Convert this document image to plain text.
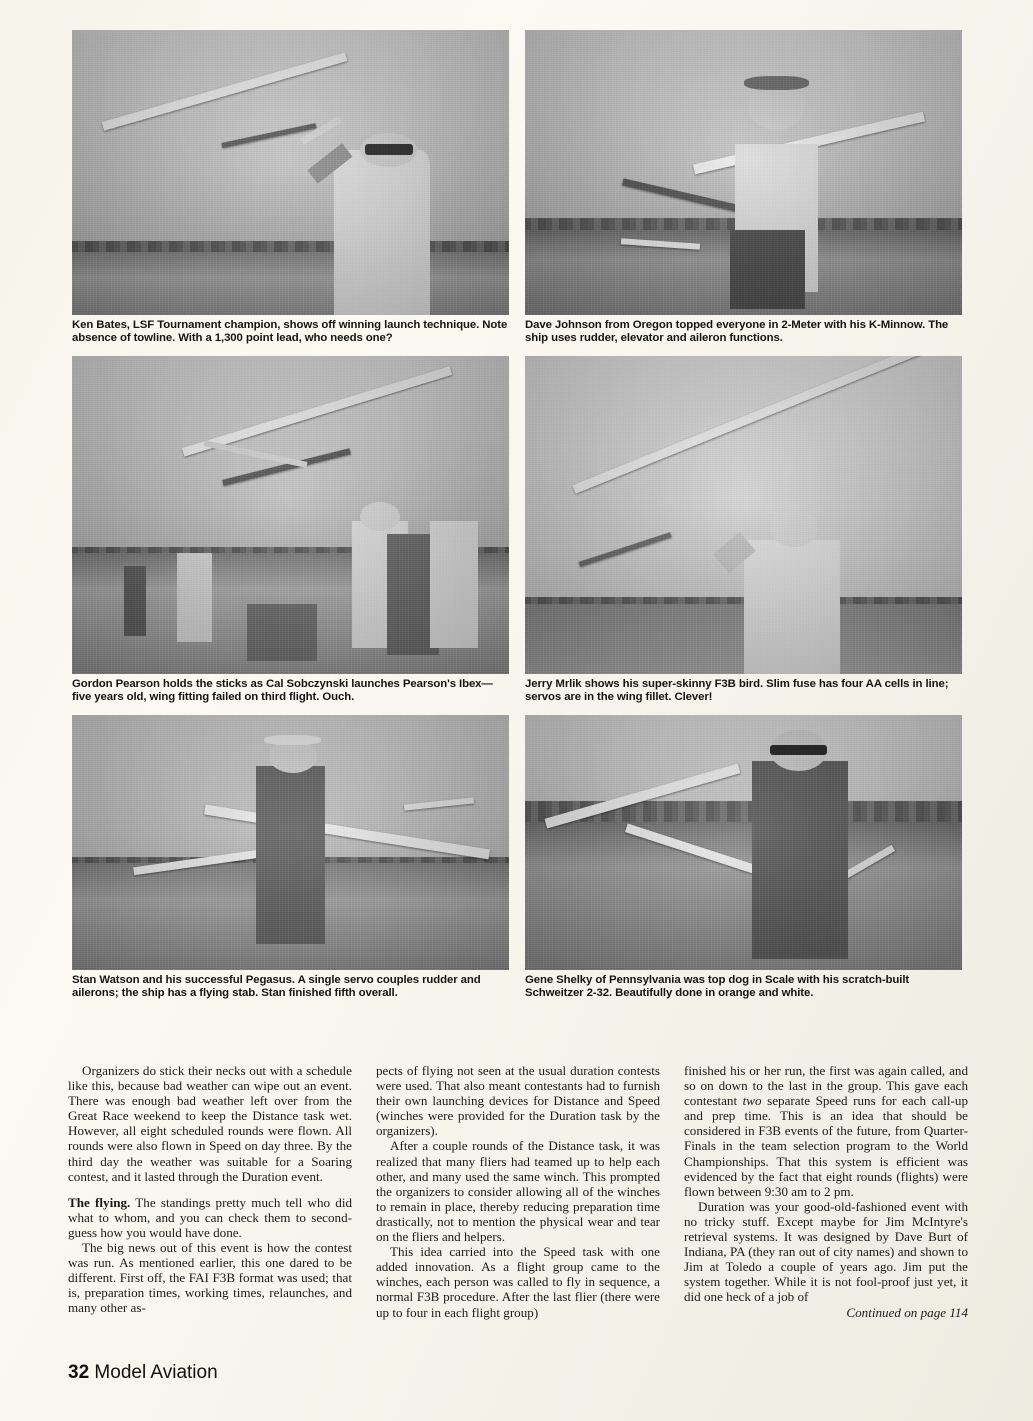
Ken Bates, LSF Tournament champion, shows off winning launch technique. Note absence of towline. With a 1,300 point lead, who needs one?
Dave Johnson from Oregon topped everyone in 2-Meter with his K-Minnow. The ship uses rudder, elevator and aileron functions.
Gordon Pearson holds the sticks as Cal Sobczynski launches Pearson's Ibex—five years old, wing fitting failed on third flight. Ouch.
Jerry Mrlik shows his super-skinny F3B bird. Slim fuse has four AA cells in line; servos are in the wing fillet. Clever!
Stan Watson and his successful Pegasus. A single servo couples rudder and ailerons; the ship has a flying stab. Stan finished fifth overall.
Gene Shelky of Pennsylvania was top dog in Scale with his scratch-built Schweitzer 2-32. Beautifully done in orange and white.

Organizers do stick their necks out with a schedule like this, because bad weather can wipe out an event. There was enough bad weather left over from the Great Race weekend to keep the Distance task wet. However, all eight scheduled rounds were flown. All rounds were also flown in Speed on day three. By the third day the weather was suitable for a Soaring contest, and it lasted through the Duration event.

The flying. The standings pretty much tell who did what to whom, and you can check them to second-guess how you would have done.

The big news out of this event is how the contest was run. As mentioned earlier, this one dared to be different. First off, the FAI F3B format was used; that is, preparation times, working times, relaunches, and many other as-

pects of flying not seen at the usual duration contests were used. That also meant contestants had to furnish their own launching devices for Distance and Speed (winches were provided for the Duration task by the organizers).

After a couple rounds of the Distance task, it was realized that many fliers had teamed up to help each other, and many used the same winch. This prompted the organizers to consider allowing all of the winches to remain in place, thereby reducing preparation time drastically, not to mention the physical wear and tear on the fliers and helpers.

This idea carried into the Speed task with one added innovation. As a flight group came to the winches, each person was called to fly in sequence, a normal F3B procedure. After the last flier (there were up to four in each flight group)

finished his or her run, the first was again called, and so on down to the last in the group. This gave each contestant two separate Speed runs for each call-up and prep time. This is an idea that should be considered in F3B events of the future, from Quarter-Finals in the team selection program to the World Championships. That this system is efficient was evidenced by the fact that eight rounds (flights) were flown between 9:30 am to 2 pm.

Duration was your good-old-fashioned event with no tricky stuff. Except maybe for Jim McIntyre's retrieval systems. It was designed by Dave Burt of Indiana, PA (they ran out of city names) and shown to Jim at Toledo a couple of years ago. Jim put the system together. While it is not fool-proof just yet, it did one heck of a job of

Continued on page 114

32 Model Aviation
